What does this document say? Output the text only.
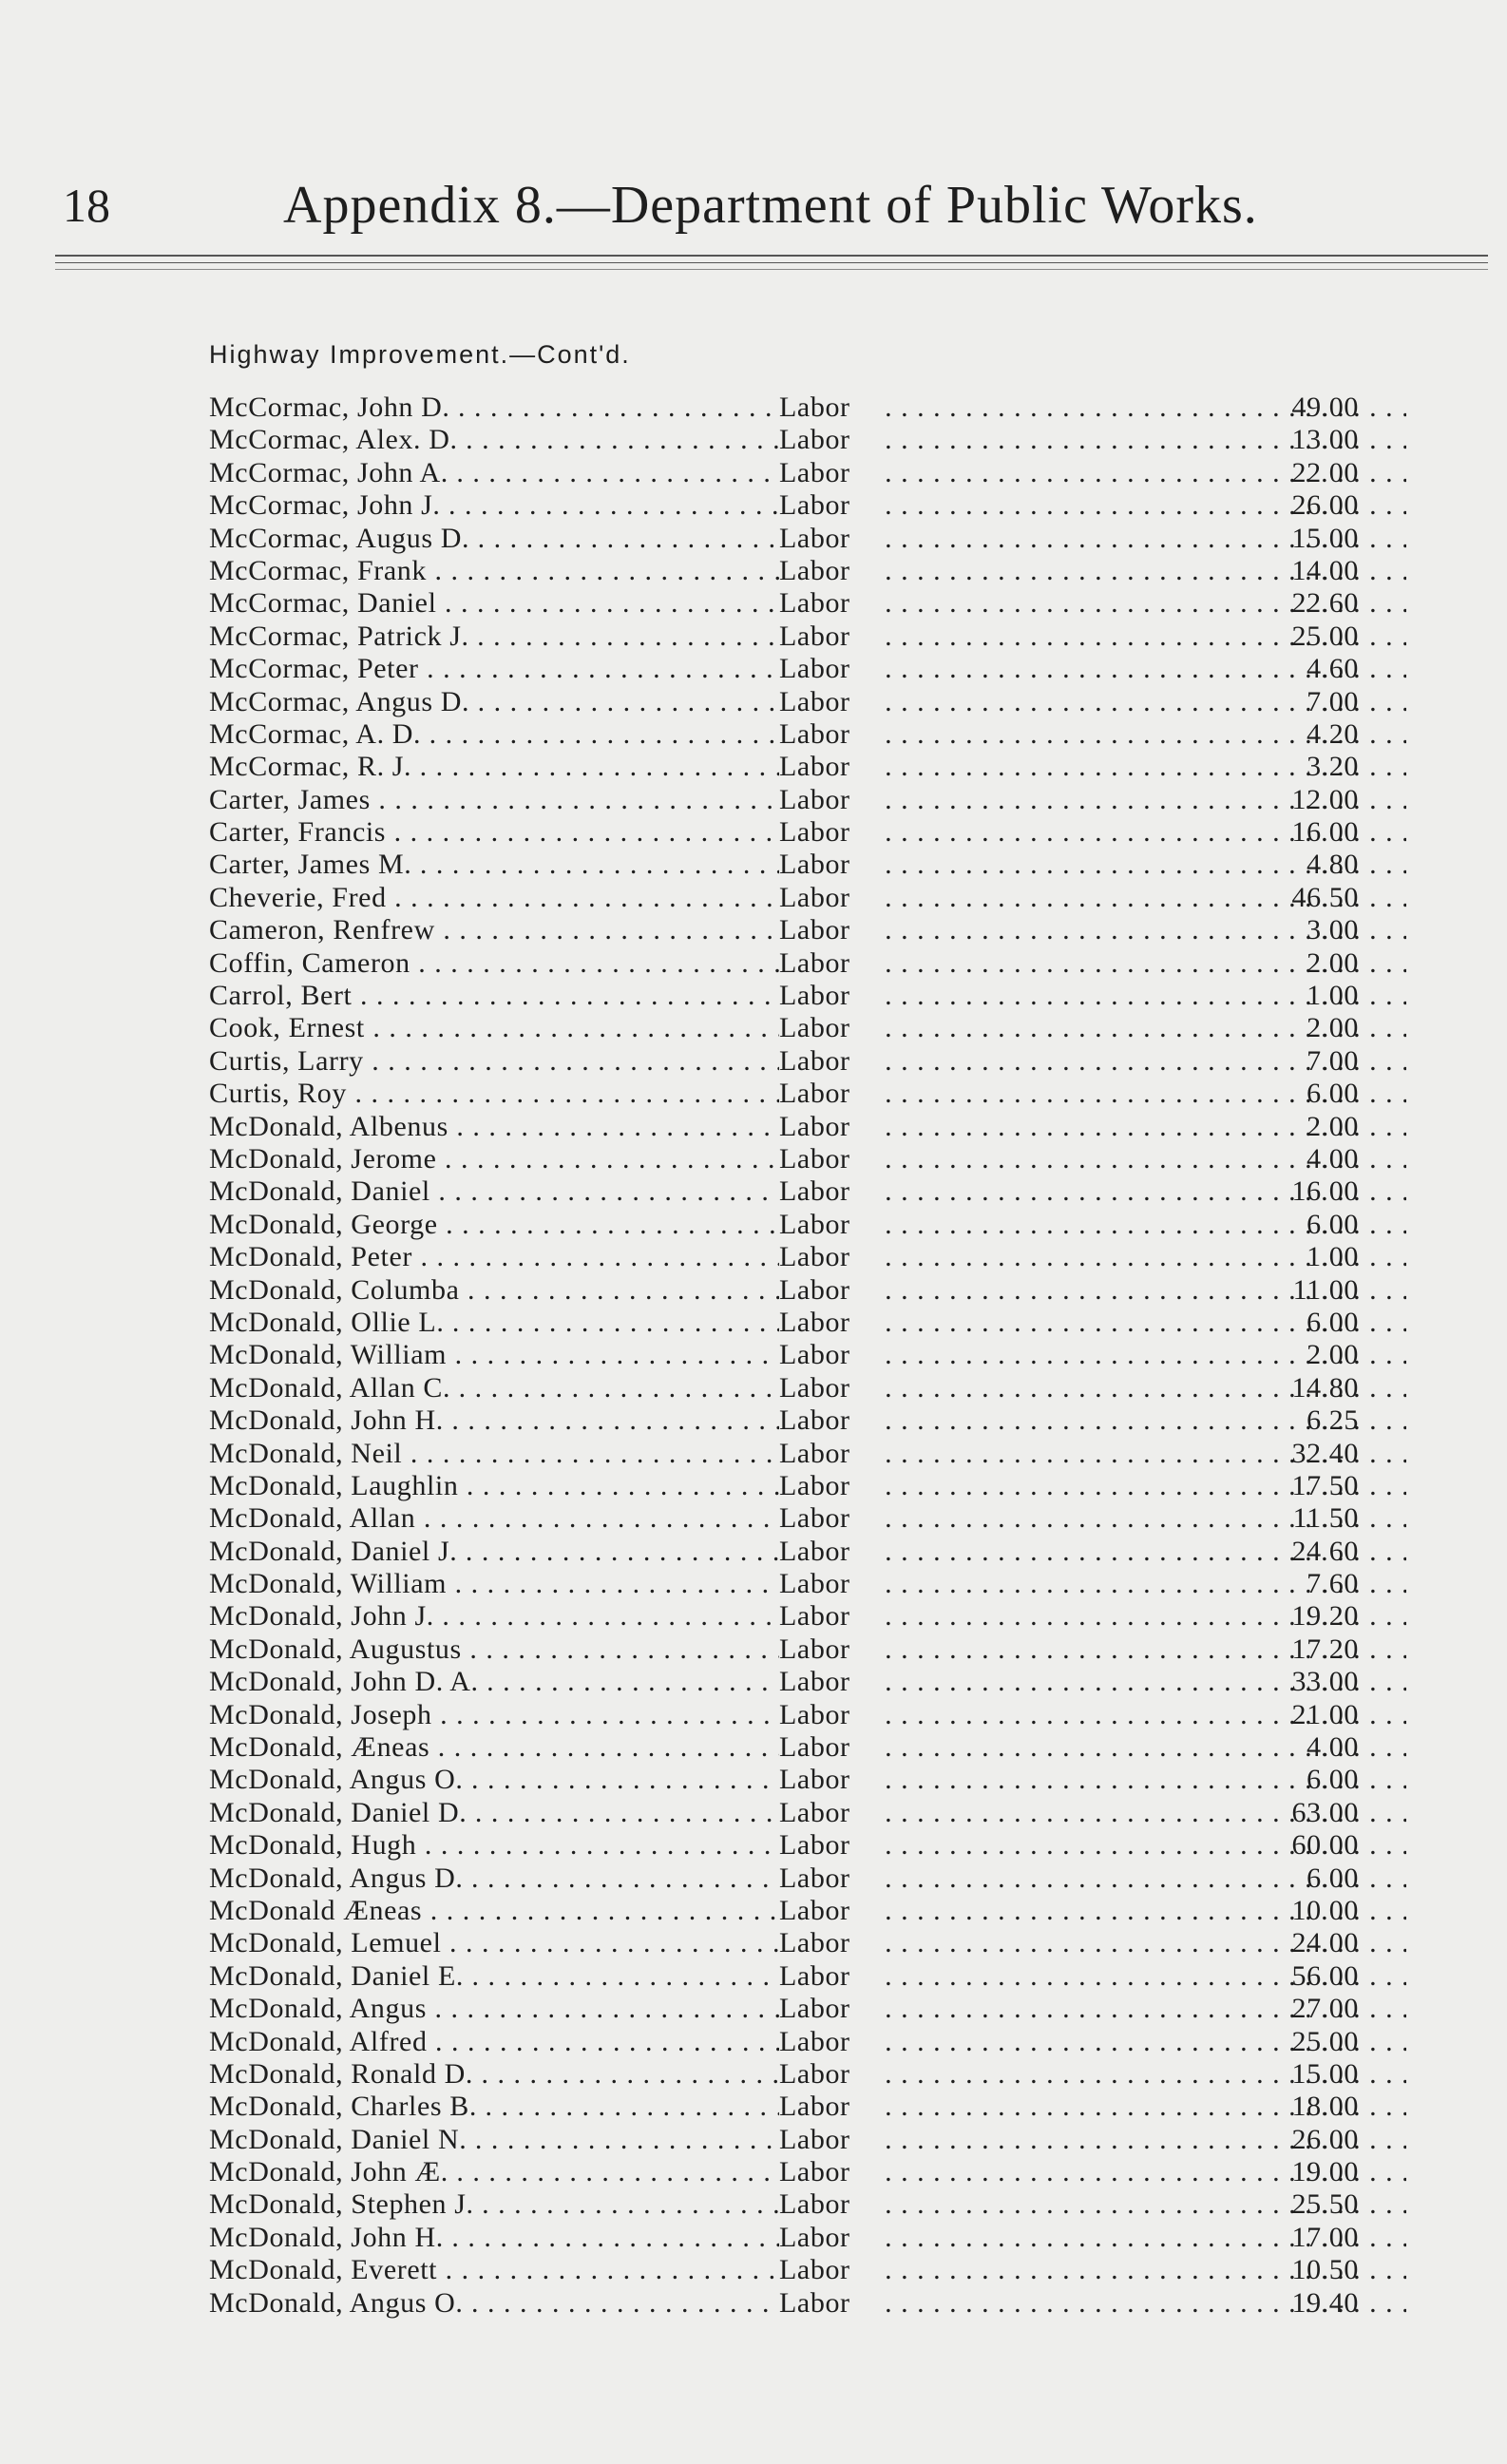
18	Appendix 8.—Department of Public Works.
Highway Improvement.—Cont'd.
McCormac, John D. . . .	Labor . . .	49.00
McCormac, Alex. D. . . .	Labor . . .	13.00
McCormac, John A. . . .	Labor . . .	22 00
McCormac, John J. . . .	Labor . . .	26.00
McCormac, Augus D. . . .	Labor . . .	15.00
McCormac, Frank . . .	Labor . . .	14.00
McCormac, Daniel . . .	Labor . . .	22.60
McCormac, Patrick J. . . .	Labor . . .	25.00
McCormac, Peter . . .	Labor . . .	4.60
McCormac, Angus D. . . .	Labor . . .	7.00
McCormac, A. D. . . .	Labor . . .	4.20
McCormac, R. J. . . .	Labor . . .	3.20
Carter, James . . .	Labor . . .	12.00
Carter, Francis . . .	Labor . . .	16 00
Carter, James M. . . .	Labor . . .	4.80
Cheverie, Fred . . .	Labor . . .	46.50
Cameron, Renfrew . . .	Labor . . .	3.00
Coffin, Cameron . . .	Labor . . .	2.00
Carrol, Bert . . .	Labor . . .	1.00
Cook, Ernest . . .	Labor . . .	2.00
Curtis, Larry . . .	Labor . . .	7.00
Curtis, Roy . . .	Labor . . .	6.00
McDonald, Albenus . . .	Labor . . .	2.00
McDonald, Jerome . . .	Labor . . .	4.00
McDonald, Daniel . . .	Labor . . .	16 00
McDonald, George . . .	Labor . . .	6.00
McDonald, Peter . . .	Labor . . .	1.00
McDonald, Columba . . .	Labor . . .	11.00
McDonald, Ollie L. . . .	Labor . . .	6.00
McDonald, William . . .	Labor . . .	2.00
McDonald, Allan C. . . .	Labor . . .	14.80
McDonald, John H. . . .	Labor . . .	6.25
McDonald, Neil . . .	Labor . . .	32.40
McDonald, Laughlin . . .	Labor . . .	17.50
McDonald, Allan . . .	Labor . . .	11.50
McDonald, Daniel J. . . .	Labor . . .	24 60
McDonald, William . . .	Labor . . .	7.60
McDonald, John J. . . .	Labor . . .	19.20
McDonald, Augustus . . .	Labor . . .	17.20
McDonald, John D. A. . . .	Labor . . .	33.00
McDonald, Joseph . . .	Labor . . .	21.00
McDonald, Æneas . . .	Labor . . .	4.00
McDonald, Angus O. . . .	Labor . . .	6.00
McDonald, Daniel D. . . .	Labor . . .	63.00
McDonald, Hugh . . .	Labor . . .	60.00
McDonald, Angus D. . . .	Labor . . .	6.00
McDonald Æneas . . .	Labor . . .	10 00
McDonald, Lemuel . . .	Labor . . .	24.00
McDonald, Daniel E. . . .	Labor . . .	56.00
McDonald, Angus . . .	Labor . . .	27.00
McDonald, Alfred . . .	Labor . . .	25.00
McDonald, Ronald D. . . .	Labor . . .	15.00
McDonald, Charles B. . . .	Labor . . .	18.00
McDonald, Daniel N. . . .	Labor . . .	26.00
McDonald, John Æ. . . .	Labor . . .	19.00
McDonald, Stephen J. . . .	Labor . . .	25.50
McDonald, John H. . . .	Labor . . .	17.00
McDonald, Everett . . .	Labor . . .	10.50
McDonald, Angus O. . . .	Labor . . .	19.40
